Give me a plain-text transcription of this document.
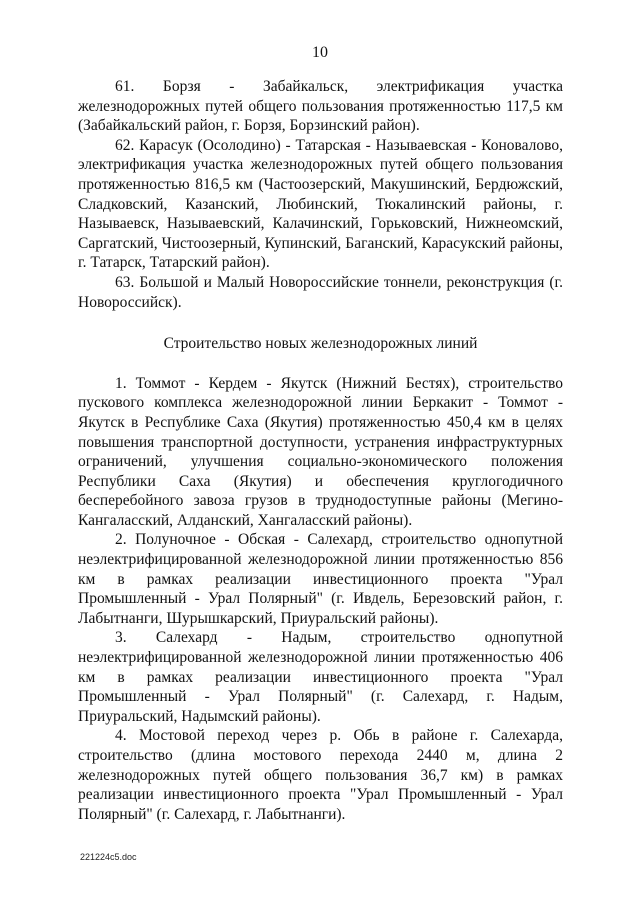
10

61. Борзя - Забайкальск, электрификация участка железнодорожных путей общего пользования протяженностью 117,5 км (Забайкальский район, г. Борзя, Борзинский район).

62. Карасук (Осолодино) - Татарская - Называевская - Коновалово, электрификация участка железнодорожных путей общего пользования протяженностью 816,5 км (Частоозерский, Макушинский, Бердюжский, Сладковский, Казанский, Любинский, Тюкалинский районы, г. Называевск, Называевский, Калачинский, Горьковский, Нижнеомский, Саргатский, Чистоозерный, Купинский, Баганский, Карасукский районы, г. Татарск, Татарский район).

63. Большой и Малый Новороссийские тоннели, реконструкция (г. Новороссийск).

Строительство новых железнодорожных линий

1. Томмот - Кердем - Якутск (Нижний Бестях), строительство пускового комплекса железнодорожной линии Беркакит - Томмот - Якутск в Республике Саха (Якутия) протяженностью 450,4 км в целях повышения транспортной доступности, устранения инфраструктурных ограничений, улучшения социально-экономического положения Республики Саха (Якутия) и обеспечения круглогодичного бесперебойного завоза грузов в труднодоступные районы (Мегино-Кангаласский, Алданский, Хангаласский районы).

2. Полуночное - Обская - Салехард, строительство однопутной неэлектрифицированной железнодорожной линии протяженностью 856 км в рамках реализации инвестиционного проекта "Урал Промышленный - Урал Полярный" (г. Ивдель, Березовский район, г. Лабытнанги, Шурышкарский, Приуральский районы).

3. Салехард - Надым, строительство однопутной неэлектрифицированной железнодорожной линии протяженностью 406 км в рамках реализации инвестиционного проекта "Урал Промышленный - Урал Полярный" (г. Салехард, г. Надым, Приуральский, Надымский районы).

4. Мостовой переход через р. Обь в районе г. Салехарда, строительство (длина мостового перехода 2440 м, длина 2 железнодорожных путей общего пользования 36,7 км) в рамках реализации инвестиционного проекта "Урал Промышленный - Урал Полярный" (г. Салехард, г. Лабытнанги).

221224c5.doc
